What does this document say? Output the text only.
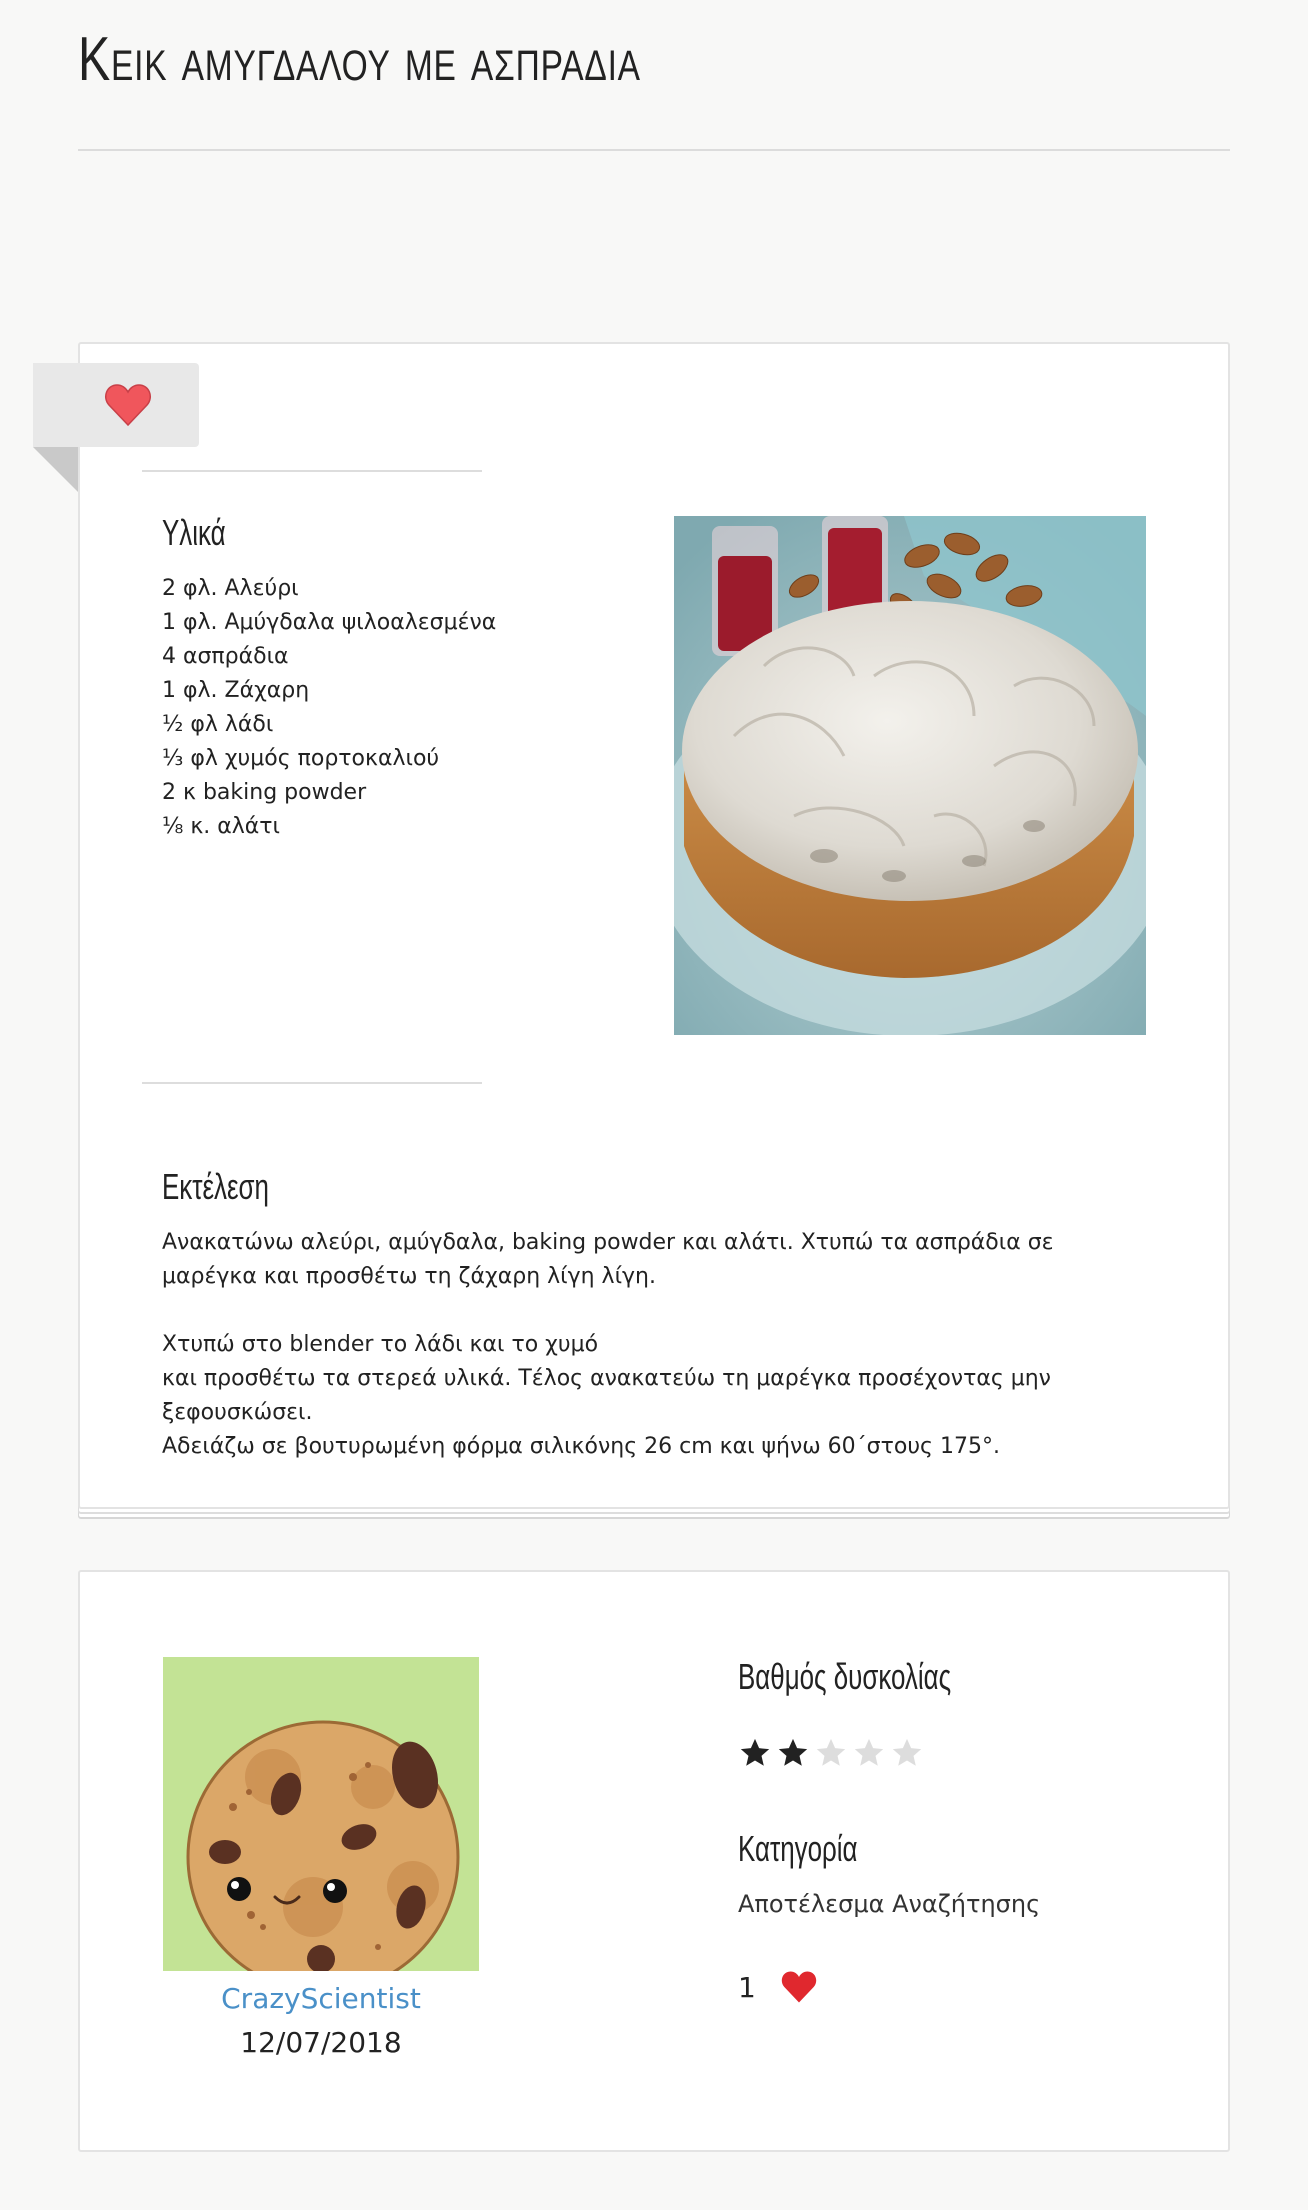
Κεικ αμυγδαλου με ασπραδια
Υλικά
2 φλ. Αλεύρι
1 φλ. Αμύγδαλα ψιλοαλεσμένα
4 ασπράδια
1 φλ. Ζάχαρη
½ φλ λάδι
⅓ φλ χυμός πορτοκαλιού
2 κ baking powder
⅛ κ. αλάτι
Εκτέλεση

Ανακατώνω αλεύρι, αμύγδαλα, baking powder και αλάτι. Χτυπώ τα ασπράδια σε μαρέγκα και προσθέτω τη ζάχαρη λίγη λίγη.

Χτυπώ στο blender το λάδι και το χυμό
και προσθέτω τα στερεά υλικά. Τέλος ανακατεύω τη μαρέγκα προσέχοντας μην ξεφουσκώσει.
Αδειάζω σε βουτυρωμένη φόρμα σιλικόνης 26 cm και ψήνω 60΄στους 175°.
CrazyScientist
12/07/2018
Βαθμός δυσκολίας
Κατηγορία
Αποτέλεσμα Αναζήτησης
1
